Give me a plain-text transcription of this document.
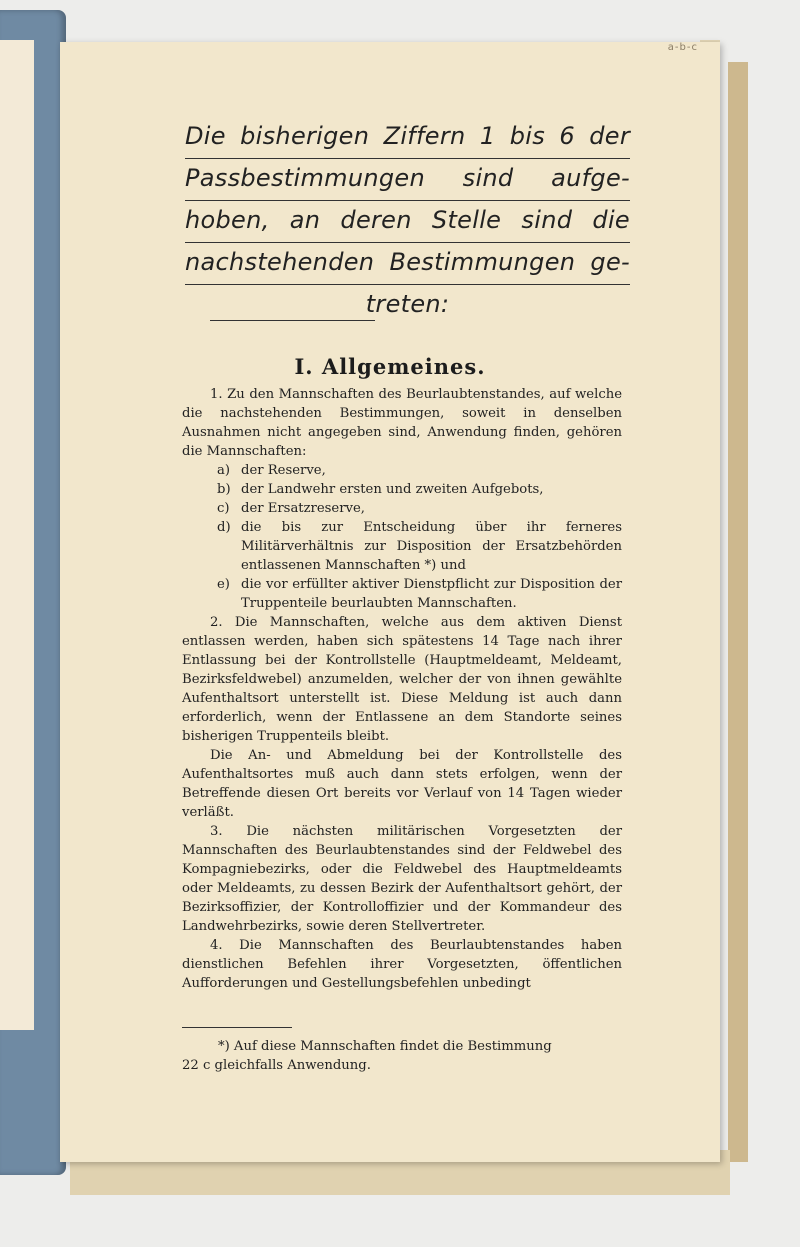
a-b-c
Die bisherigen Ziffern 1 bis 6 der
Passbestimmungen sind aufge-
hoben, an deren Stelle sind die
nachstehenden Bestimmungen ge-
treten:
I. Allgemeines.

1. Zu den Mannschaften des Beurlaubtenstandes, auf welche die nachstehenden Bestimmungen, soweit in denselben Ausnahmen nicht angegeben sind, Anwendung finden, gehören die Mannschaften:

a) der Reserve,
b) der Landwehr ersten und zweiten Aufgebots,
c) der Ersatzreserve,
d) die bis zur Entscheidung über ihr ferneres Militärverhältnis zur Disposition der Ersatzbehörden entlassenen Mannschaften *) und
e) die vor erfüllter aktiver Dienstpflicht zur Disposition der Truppenteile beurlaubten Mannschaften.

2. Die Mannschaften, welche aus dem aktiven Dienst entlassen werden, haben sich spätestens 14 Tage nach ihrer Entlassung bei der Kontrollstelle (Hauptmeldeamt, Meldeamt, Bezirksfeldwebel) anzumelden, welcher der von ihnen gewählte Aufenthaltsort unterstellt ist. Diese Meldung ist auch dann erforderlich, wenn der Entlassene an dem Standorte seines bisherigen Truppenteils bleibt.

Die An- und Abmeldung bei der Kontrollstelle des Aufenthaltsortes muß auch dann stets erfolgen, wenn der Betreffende diesen Ort bereits vor Verlauf von 14 Tagen wieder verläßt.

3. Die nächsten militärischen Vorgesetzten der Mannschaften des Beurlaubtenstandes sind der Feldwebel des Kompagniebezirks, oder die Feldwebel des Hauptmeldeamts oder Meldeamts, zu dessen Bezirk der Aufenthaltsort gehört, der Bezirksoffizier, der Kontrolloffizier und der Kommandeur des Landwehrbezirks, sowie deren Stellvertreter.

4. Die Mannschaften des Beurlaubtenstandes haben dienstlichen Befehlen ihrer Vorgesetzten, öffentlichen Aufforderungen und Gestellungsbefehlen unbedingt

*) Auf diese Mannschaften findet die Bestimmung

22 c gleichfalls Anwendung.
